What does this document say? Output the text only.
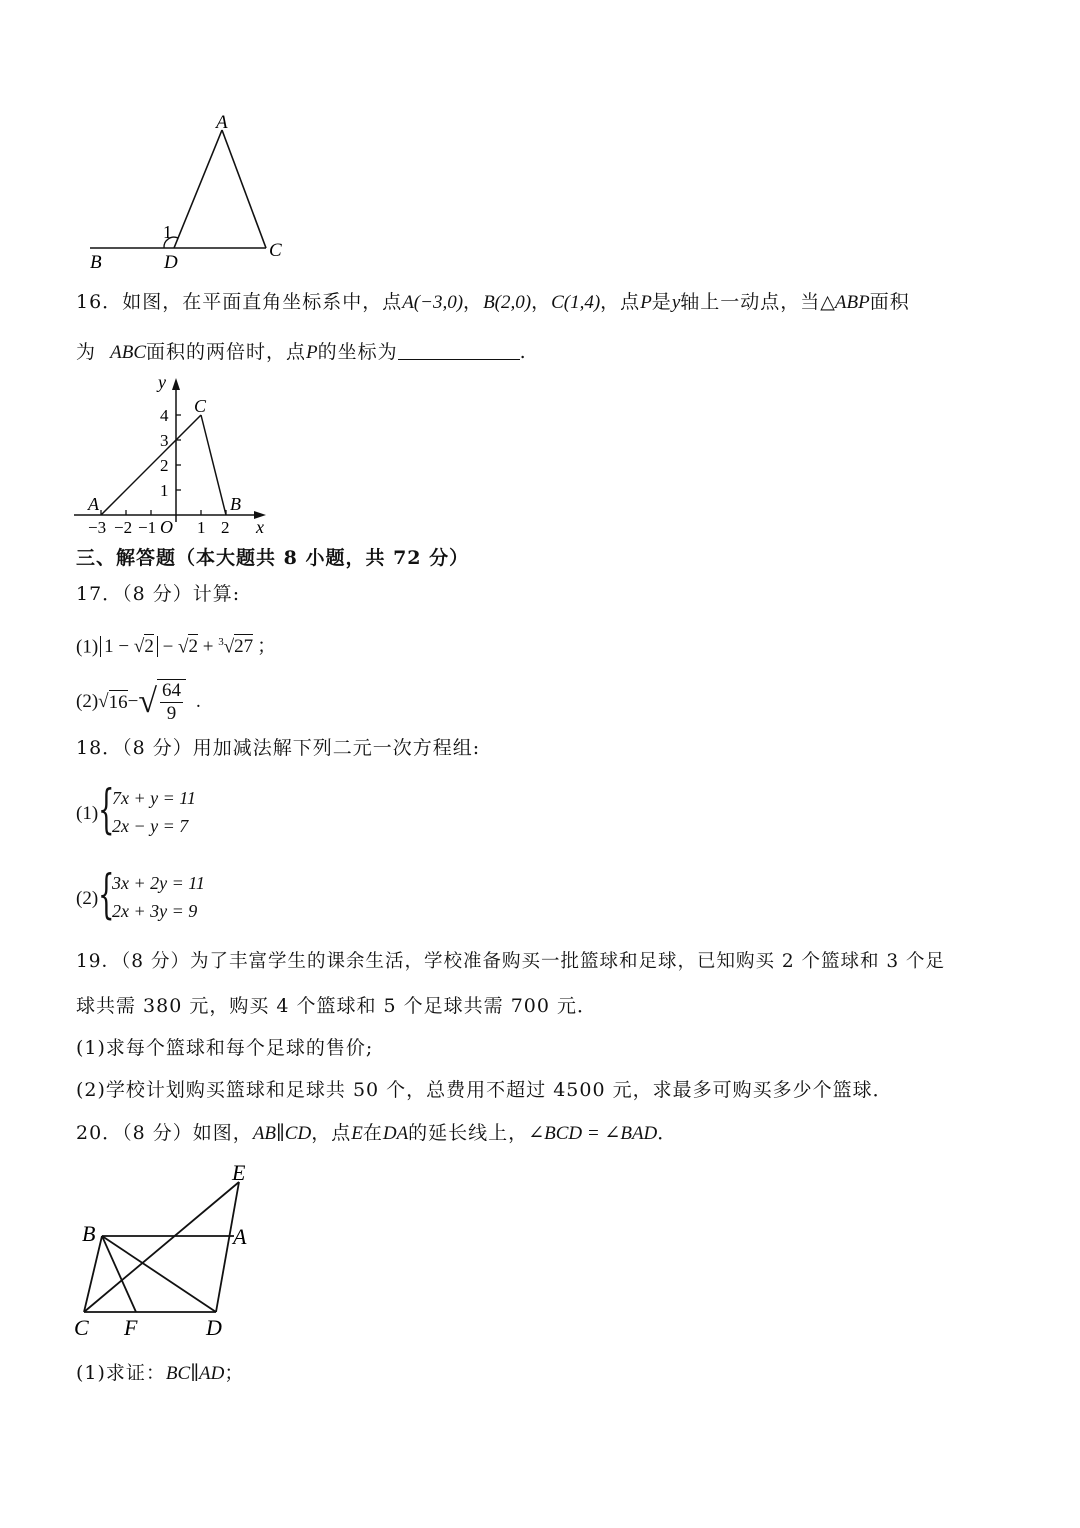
A
1
B	D
C
16．如图，在平面直角坐标系中，点A(−3,0)，B(2,0)，C(1,4)，点P是y轴上一动点，当△ABP面积
为 ABC面积的两倍时，点P的坐标为	.
y
x
O
C
A	B
4
3
2
1
−3 −2 −1 1 2
三、解答题（本大题共 8 小题，共 72 分）
17．（8 分）计算:
(1) 1 − √2 − √2 + $^3$√27 ；
(2) √ 16 − √ $\frac{64}{9}$ .
18．（8 分）用加减法解下列二元一次方程组:
(1) {
7x + y = 11
2x − y = 7
(2) {
3x + 2y = 11
2x + 3y = 9
19．（8 分）为了丰富学生的课余生活，学校准备购买一批篮球和足球，已知购买 2 个篮球和 3 个足
球共需 380 元，购买 4 个篮球和 5 个足球共需 700 元．
(1)求每个篮球和每个足球的售价;
(2)学校计划购买篮球和足球共 50 个，总费用不超过 4500 元，求最多可购买多少个篮球．
20．（8 分）如图，AB∥CD，点E在DA的延长线上，∠BCD = ∠BAD．
E
B	A
C F	D
(1)求证：BC∥AD；
